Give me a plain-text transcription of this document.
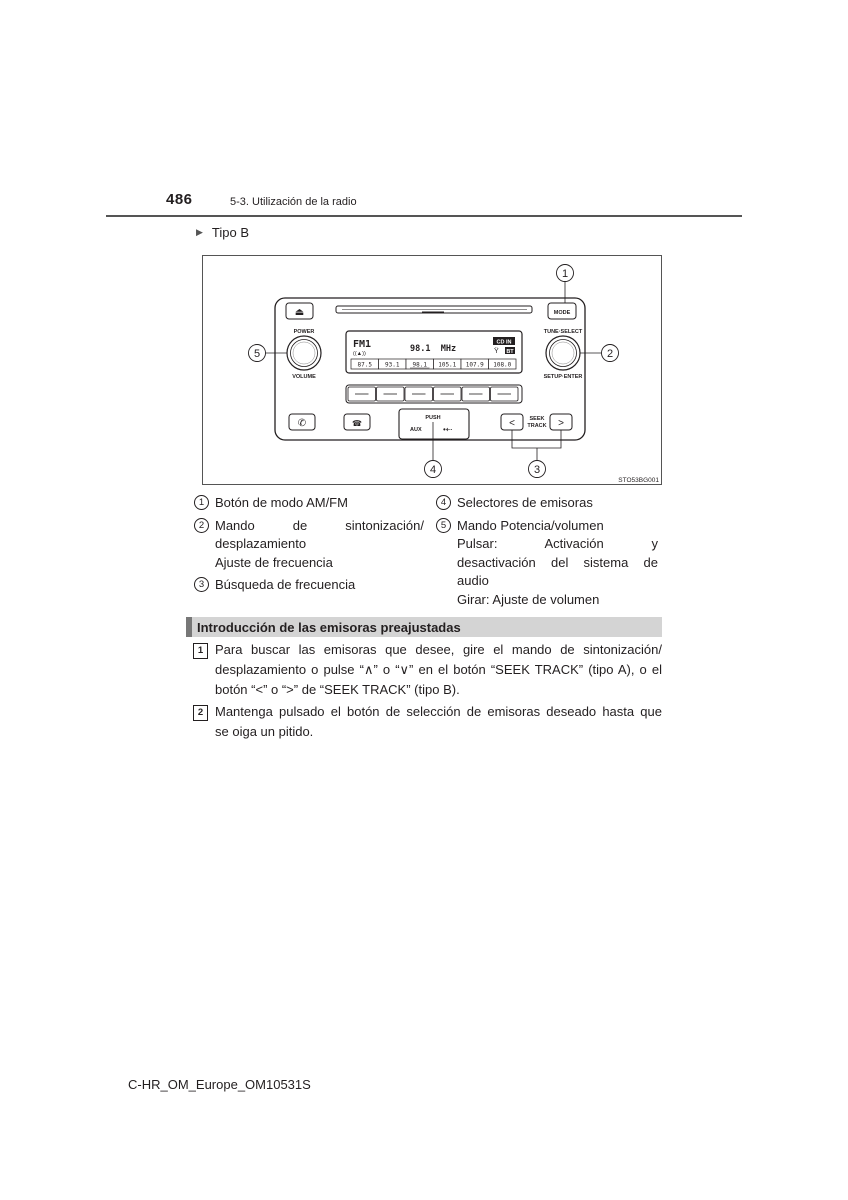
486	5-3. Utilización de la radio
▶ Tipo B
⏏	MODE
POWER
VOLUME
TUNE·SELECT
SETUP·ENTER
FM1
((▲))	98.1  MHz
CD IN
Ÿ BT
87.5 93.1 98.1 105.1 107.9 108.0
✆	☎
PUSH
AUX	•⇠
<	SEEK
TRACK >
1
2
3
4
5
STO53BG001
1 Botón de modo AM/FM
2 Mando de sintonización/
desplazamiento
Ajuste de frecuencia
3 Búsqueda de frecuencia
4 Selectores de emisoras
5 Mando Potencia/volumen
Pulsar: Activación y
desactivación del sistema de
audio
Girar: Ajuste de volumen
Introducción de las emisoras preajustadas
1 Para buscar las emisoras que desee, gire el mando de sintonización/
desplazamiento o pulse “∧” o “∨” en el botón “SEEK TRACK” (tipo A), o el
botón “<” o “>” de “SEEK TRACK” (tipo B).
2 Mantenga pulsado el botón de selección de emisoras deseado hasta que
se oiga un pitido.
C-HR_OM_Europe_OM10531S
